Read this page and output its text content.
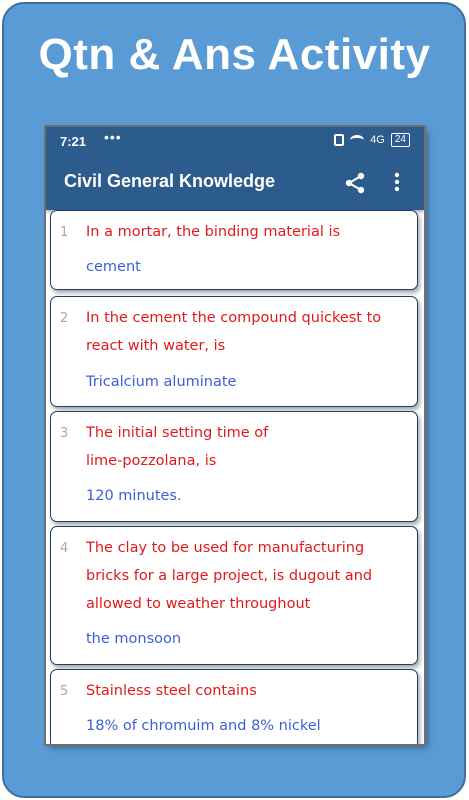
Qtn & Ans Activity
7:21 •••	4G	24
Civil General Knowledge
1 In a mortar, the binding material is
cement
2 In the cement the compound quickest to
react with water, is
Tricalcium aluminate
3 The initial setting time of
lime-pozzolana, is
120 minutes.
4 The clay to be used for manufacturing
bricks for a large project, is dugout and
allowed to weather throughout
the monsoon
5 Stainless steel contains
18% of chromuim and 8% nickel
